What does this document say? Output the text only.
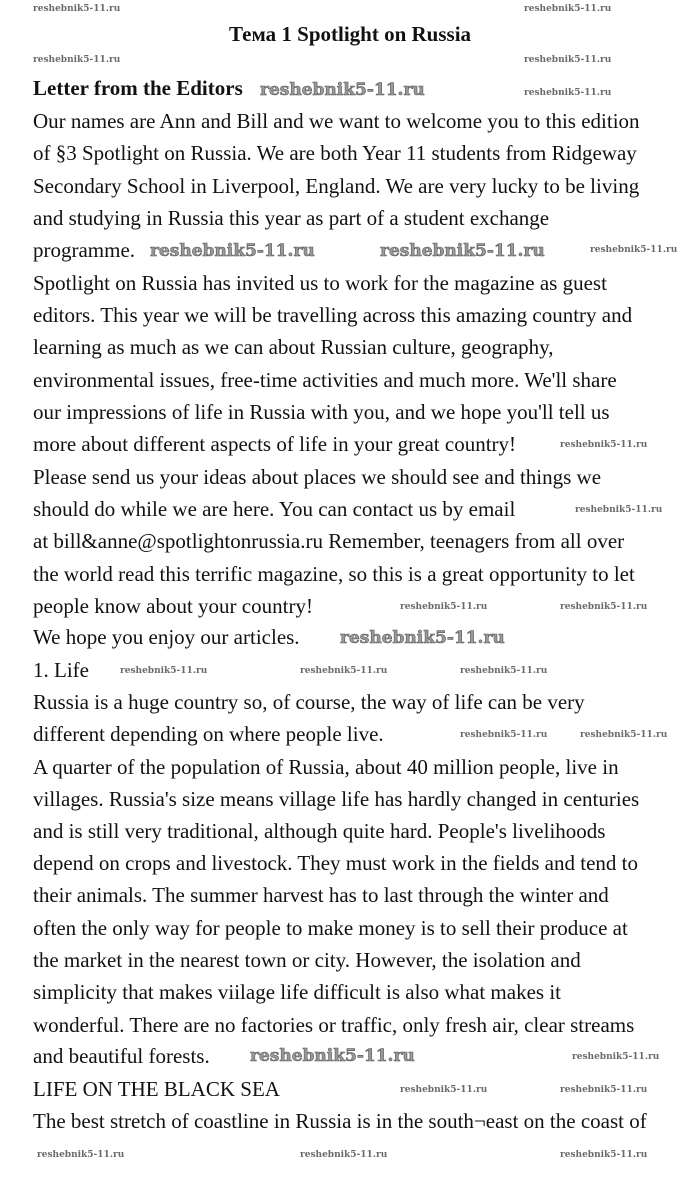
Тема 1 Spotlight on Russia
Letter from the Editors
Our names are Ann and Bill and we want to welcome you to this edition
of §3 Spotlight on Russia. We are both Year 11 students from Ridgeway
Secondary School in Liverpool, England. We are very lucky to be living
and studying in Russia this year as part of a student exchange
programme.
Spotlight on Russia has invited us to work for the magazine as guest
editors. This year we will be travelling across this amazing country and
learning as much as we can about Russian culture, geography,
environmental issues, free-time activities and much more. We'll share
our impressions of life in Russia with you, and we hope you'll tell us
more about different aspects of life in your great country!
Please send us your ideas about places we should see and things we
should do while we are here. You can contact us by email
at bill&anne@spotlightonrussia.ru Remember, teenagers from all over
the world read this terrific magazine, so this is a great opportunity to let
people know about your country!
We hope you enjoy our articles.
1. Life
Russia is a huge country so, of course, the way of life can be very
different depending on where people live.
A quarter of the population of Russia, about 40 million people, live in
villages. Russia's size means village life has hardly changed in centuries
and is still very traditional, although quite hard. People's livelihoods
depend on crops and livestock. They must work in the fields and tend to
their animals. The summer harvest has to last through the winter and
often the only way for people to make money is to sell their produce at
the market in the nearest town or city. However, the isolation and
simplicity that makes viilage life difficult is also what makes it
wonderful. There are no factories or traffic, only fresh air, clear streams
and beautiful forests.
LIFE ON THE BLACK SEA
The best stretch of coastline in Russia is in the south¬east on the coast of
reshebnik5-11.ru	reshebnik5-11.ru
reshebnik5-11.ru	reshebnik5-11.ru
reshebnik5-11.ru	reshebnik5-11.ru
reshebnik5-11.ru	reshebnik5-11.ru	reshebnik5-11.ru
reshebnik5-11.ru
reshebnik5-11.ru
reshebnik5-11.ru	reshebnik5-11.ru
reshebnik5-11.ru
reshebnik5-11.ru	reshebnik5-11.ru	reshebnik5-11.ru
reshebnik5-11.ru	reshebnik5-11.ru
reshebnik5-11.ru	reshebnik5-11.ru
reshebnik5-11.ru	reshebnik5-11.ru
reshebnik5-11.ru	reshebnik5-11.ru	reshebnik5-11.ru
